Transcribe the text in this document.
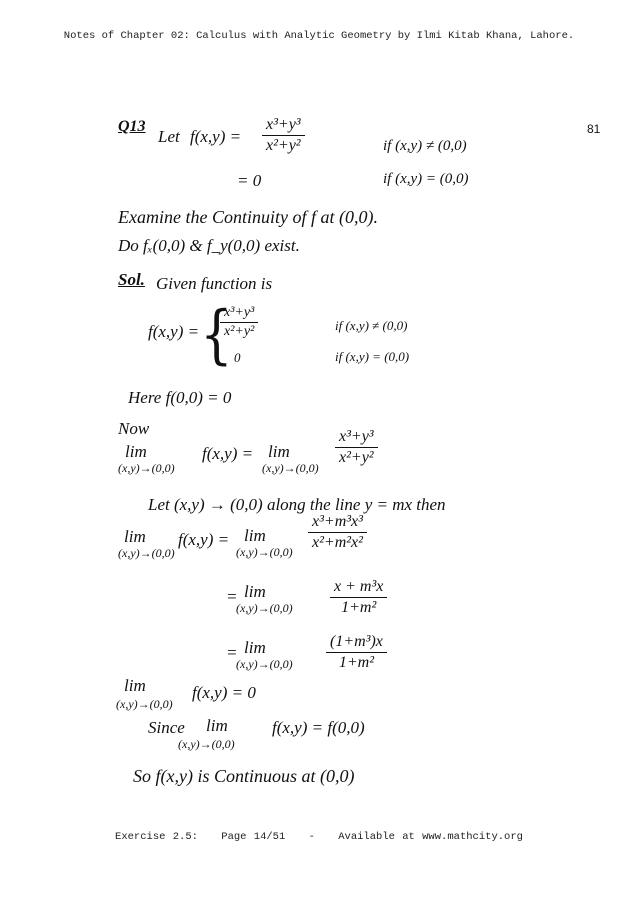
Notes of Chapter 02: Calculus with Analytic Geometry by Ilmi Kitab Khana, Lahore.
81
Q13
Let $f(x,y) = \frac{\text{x³+y³}}{\text{x²+y²}}$	if (x,y) ≠ (0,0)
= 0	if (x,y) = (0,0)
Examine the Continuity of f at (0,0).
Do fₓ(0,0) & f_y(0,0) exist.
Sol. Given function is
f(x,y) = {
$\frac{\text{x³+y³}}{\text{x²+y²}}$
0
if (x,y) ≠ (0,0)
if (x,y) = (0,0)
Here f(0,0) = 0
Now
lim
(x,y)→(0,0)
f(x,y) = lim
(x,y)→(0,0)
$\frac{\text{x³+y³}}{\text{x²+y²}}$
Let (x,y) → (0,0) along the line y = mx then
lim
(x,y)→(0,0)
f(x,y) = lim
$(x,y)\to(0,0) \frac{\text{x³+m³x³}}{\text{x²+m²x²}}$
= lim
$(x,y)\to(0,0) \frac{\text{x + m³x}}{\text{1+m²}}$
= lim
$(x,y)\to(0,0) \frac{\text{(1+m³)x}}{\text{1+m²}}$
lim
(x,y)→(0,0)
f(x,y) = 0
Since lim
(x,y)→(0,0)
f(x,y) = f(0,0)
So f(x,y) is Continuous at (0,0)
Exercise 2.5: Page 14/51 - Available at www.mathcity.org
